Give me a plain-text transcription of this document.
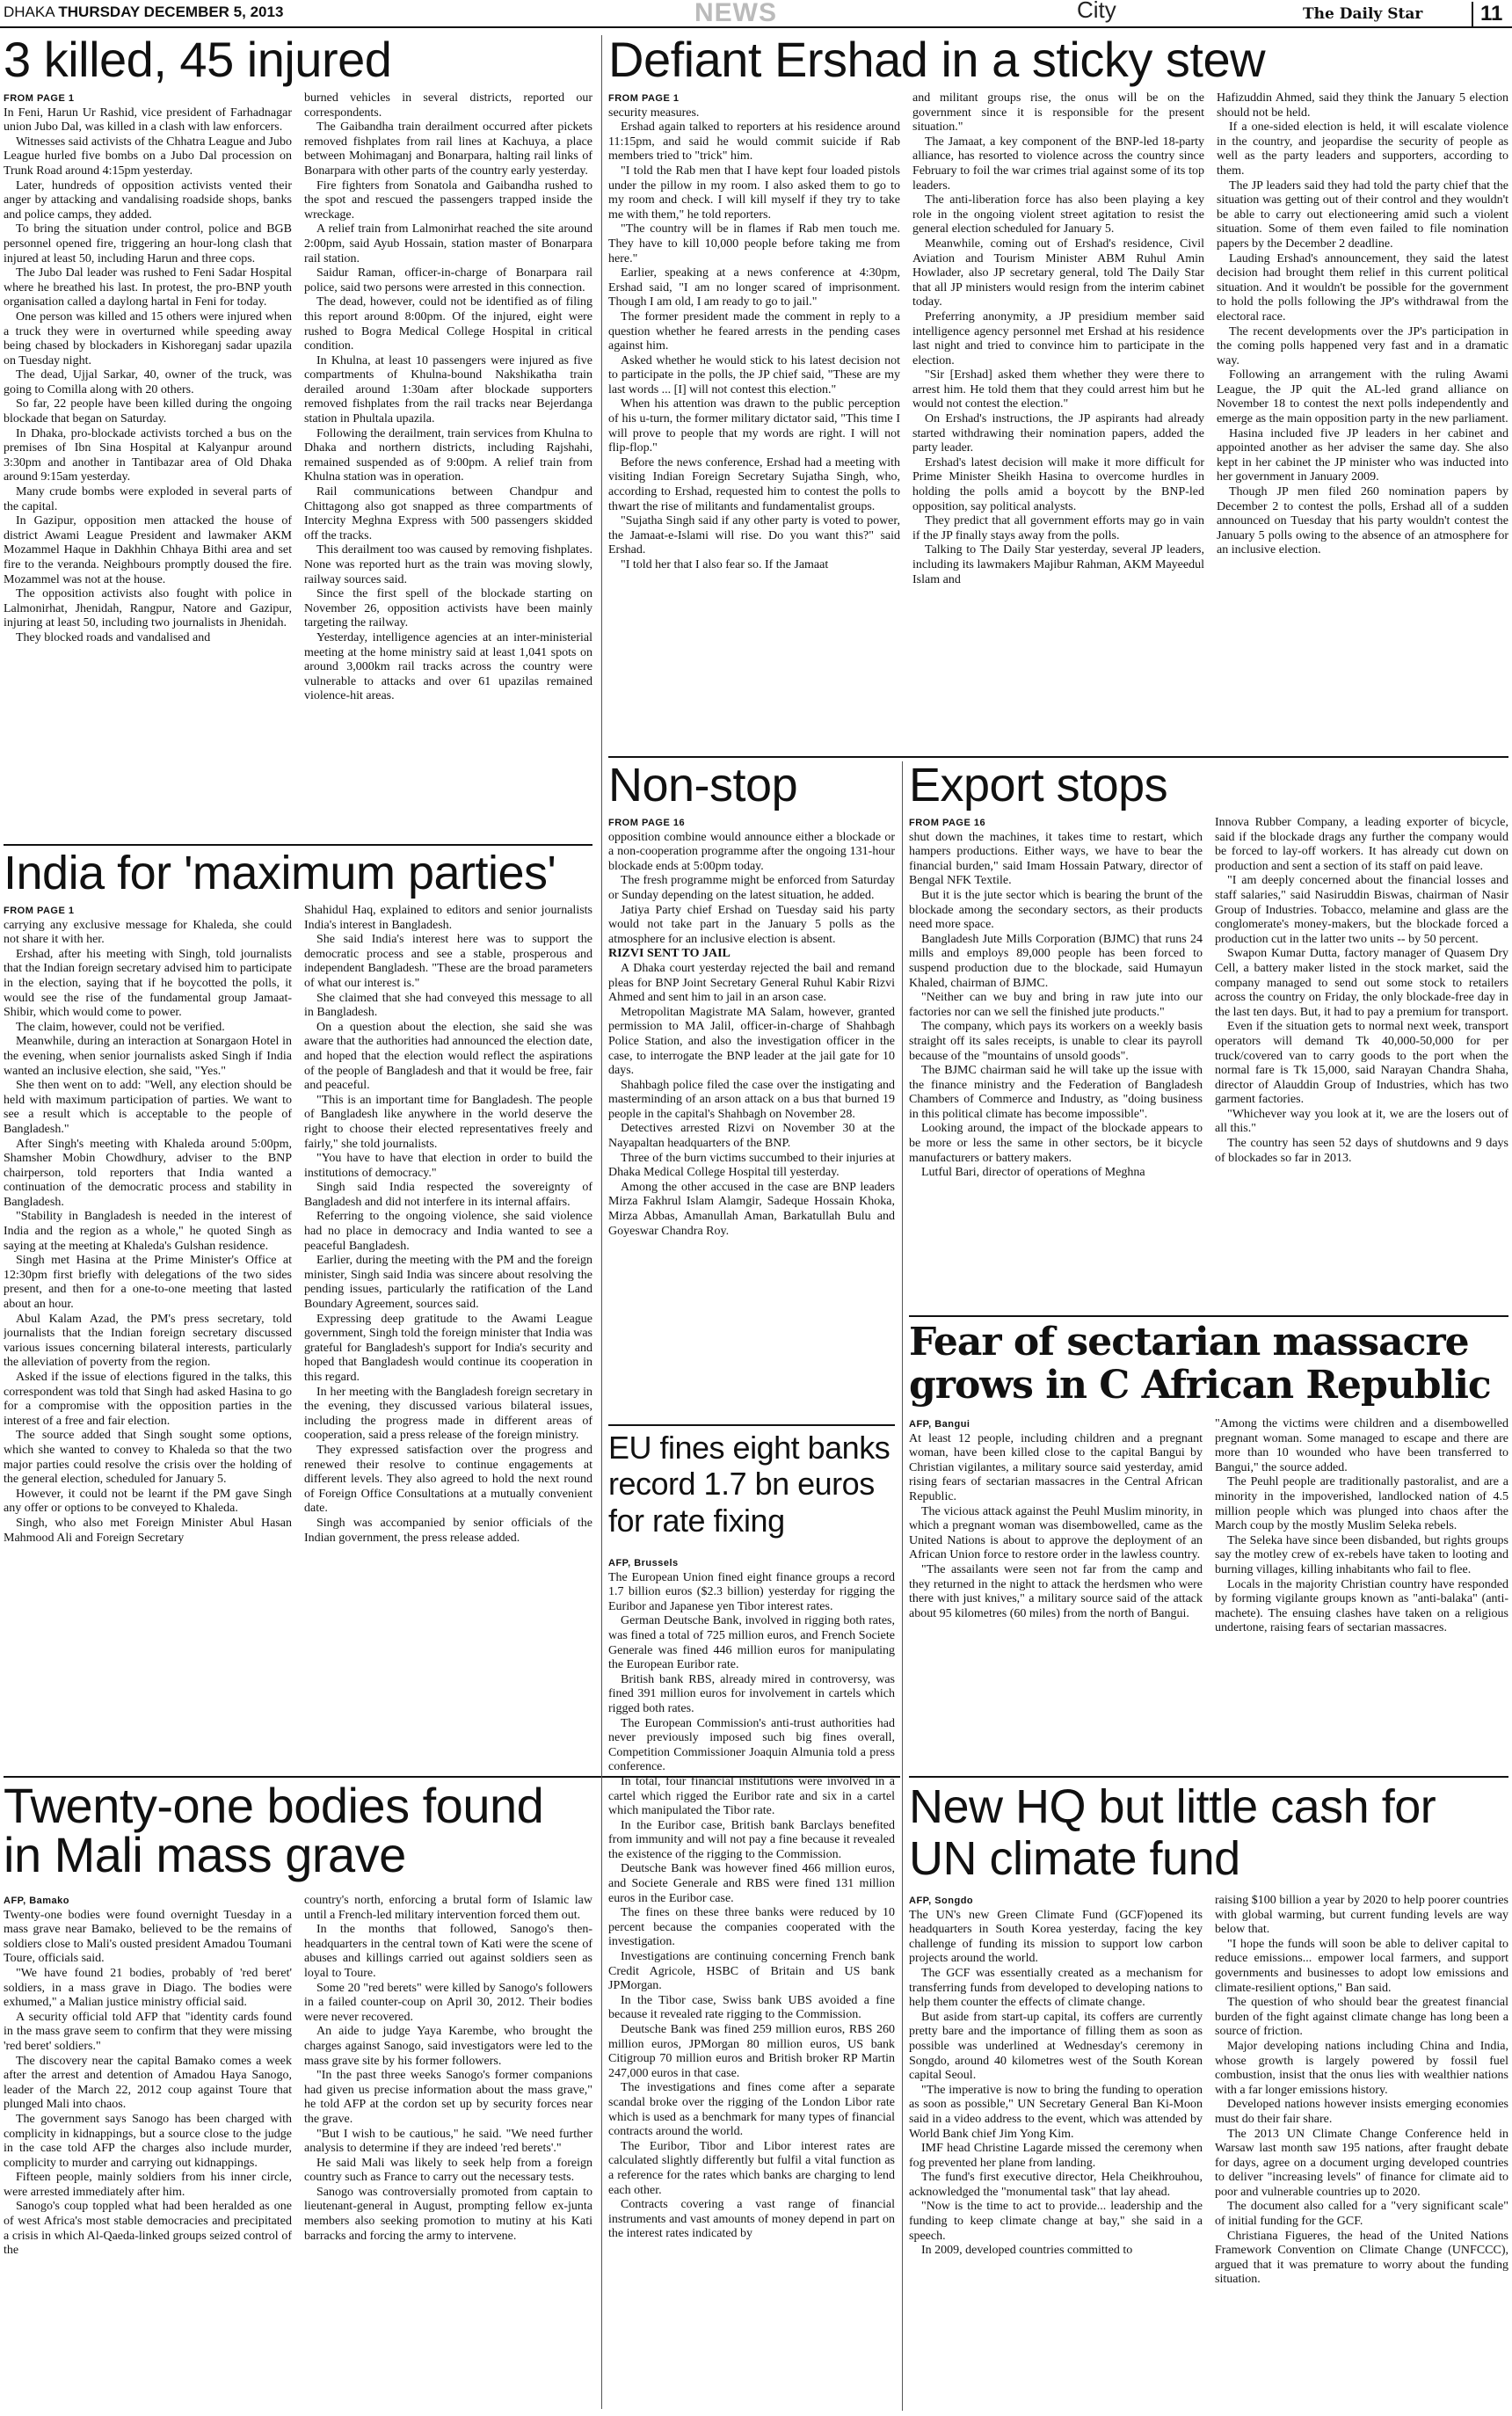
DHAKA THURSDAY DECEMBER 5, 2013	NEWS	City	The Daily Star	11
3 killed, 45 injured

FROM PAGE 1

In Feni, Harun Ur Rashid, vice president of Farhadnagar union Jubo Dal, was killed in a clash with law enforcers.

Witnesses said activists of the Chhatra League and Jubo League hurled five bombs on a Jubo Dal procession on Trunk Road around 4:15pm yesterday.

Later, hundreds of opposition activists vented their anger by attacking and vandalising roadside shops, banks and police camps, they added.

To bring the situation under control, police and BGB personnel opened fire, triggering an hour-long clash that injured at least 50, including Harun and three cops.

The Jubo Dal leader was rushed to Feni Sadar Hospital where he breathed his last. In protest, the pro-BNP youth organisation called a daylong hartal in Feni for today.

One person was killed and 15 others were injured when a truck they were in overturned while speeding away being chased by blockaders in Kishoreganj sadar upazila on Tuesday night.

The dead, Ujjal Sarkar, 40, owner of the truck, was going to Comilla along with 20 others.

So far, 22 people have been killed during the ongoing blockade that began on Saturday.

In Dhaka, pro-blockade activists torched a bus on the premises of Ibn Sina Hospital at Kalyanpur around 3:30pm and another in Tantibazar area of Old Dhaka around 9:15am yesterday.

Many crude bombs were exploded in several parts of the capital.

In Gazipur, opposition men attacked the house of district Awami League President and lawmaker AKM Mozammel Haque in Dakhhin Chhaya Bithi area and set fire to the veranda. Neighbours promptly doused the fire. Mozammel was not at the house.

The opposition activists also fought with police in Lalmonirhat, Jhenidah, Rangpur, Natore and Gazipur, injuring at least 50, including two journalists in Jhenidah.

They blocked roads and vandalised and

burned vehicles in several districts, reported our correspondents.

The Gaibandha train derailment occurred after pickets removed fishplates from rail lines at Kachuya, a place between Mohimaganj and Bonarpara, halting rail links of Bonarpara with other parts of the country early yesterday.

Fire fighters from Sonatola and Gaibandha rushed to the spot and rescued the passengers trapped inside the wreckage.

A relief train from Lalmonirhat reached the site around 2:00pm, said Ayub Hossain, station master of Bonarpara rail station.

Saidur Raman, officer-in-charge of Bonarpara rail police, said two persons were arrested in this connection.

The dead, however, could not be identified as of filing this report around 8:00pm. Of the injured, eight were rushed to Bogra Medical College Hospital in critical condition.

In Khulna, at least 10 passengers were injured as five compartments of Khulna-bound Nakshikatha train derailed around 1:30am after blockade supporters removed fishplates from the rail tracks near Bejerdanga station in Phultala upazila.

Following the derailment, train services from Khulna to Dhaka and northern districts, including Rajshahi, remained suspended as of 9:00pm. A relief train from Khulna station was in operation.

Rail communications between Chandpur and Chittagong also got snapped as three compartments of Intercity Meghna Express with 500 passengers skidded off the tracks.

This derailment too was caused by removing fishplates. None was reported hurt as the train was moving slowly, railway sources said.

Since the first spell of the blockade starting on November 26, opposition activists have been mainly targeting the railway.

Yesterday, intelligence agencies at an inter-ministerial meeting at the home ministry said at least 1,041 spots on around 3,000km rail tracks across the country were vulnerable to attacks and over 61 upazilas remained violence-hit areas.

India for 'maximum parties'

FROM PAGE 1

carrying any exclusive message for Khaleda, she could not share it with her.

Ershad, after his meeting with Singh, told journalists that the Indian foreign secretary advised him to participate in the election, saying that if he boycotted the polls, it would see the rise of the fundamental group Jamaat-Shibir, which would come to power.

The claim, however, could not be verified.

Meanwhile, during an interaction at Sonargaon Hotel in the evening, when senior journalists asked Singh if India wanted an inclusive election, she said, "Yes."

She then went on to add: "Well, any election should be held with maximum participation of parties. We want to see a result which is acceptable to the people of Bangladesh."

After Singh's meeting with Khaleda around 5:00pm, Shamsher Mobin Chowdhury, adviser to the BNP chairperson, told reporters that India wanted a continuation of the democratic process and stability in Bangladesh.

"Stability in Bangladesh is needed in the interest of India and the region as a whole," he quoted Singh as saying at the meeting at Khaleda's Gulshan residence.

Singh met Hasina at the Prime Minister's Office at 12:30pm first briefly with delegations of the two sides present, and then for a one-to-one meeting that lasted about an hour.

Abul Kalam Azad, the PM's press secretary, told journalists that the Indian foreign secretary discussed various issues concerning bilateral interests, particularly the alleviation of poverty from the region.

Asked if the issue of elections figured in the talks, this correspondent was told that Singh had asked Hasina to go for a compromise with the opposition parties in the interest of a free and fair election.

The source added that Singh sought some options, which she wanted to convey to Khaleda so that the two major parties could resolve the crisis over the holding of the general election, scheduled for January 5.

However, it could not be learnt if the PM gave Singh any offer or options to be conveyed to Khaleda.

Singh, who also met Foreign Minister Abul Hasan Mahmood Ali and Foreign Secretary

Shahidul Haq, explained to editors and senior journalists India's interest in Bangladesh.

She said India's interest here was to support the democratic process and see a stable, prosperous and independent Bangladesh. "These are the broad parameters of what our interest is."

She claimed that she had conveyed this message to all in Bangladesh.

On a question about the election, she said she was aware that the authorities had announced the election date, and hoped that the election would reflect the aspirations of the people of Bangladesh and that it would be free, fair and peaceful.

"This is an important time for Bangladesh. The people of Bangladesh like anywhere in the world deserve the right to choose their elected representatives freely and fairly," she told journalists.

"You have to have that election in order to build the institutions of democracy."

Singh said India respected the sovereignty of Bangladesh and did not interfere in its internal affairs.

Referring to the ongoing violence, she said violence had no place in democracy and India wanted to see a peaceful Bangladesh.

Earlier, during the meeting with the PM and the foreign minister, Singh said India was sincere about resolving the pending issues, particularly the ratification of the Land Boundary Agreement, sources said.

Expressing deep gratitude to the Awami League government, Singh told the foreign minister that India was grateful for Bangladesh's support for India's security and hoped that Bangladesh would continue its cooperation in this regard.

In her meeting with the Bangladesh foreign secretary in the evening, they discussed various bilateral issues, including the progress made in different areas of cooperation, said a press release of the foreign ministry.

They expressed satisfaction over the progress and renewed their resolve to continue engagements at different levels. They also agreed to hold the next round of Foreign Office Consultations at a mutually convenient date.

Singh was accompanied by senior officials of the Indian government, the press release added.

Twenty-one bodies found in Mali mass grave

AFP, Bamako

Twenty-one bodies were found overnight Tuesday in a mass grave near Bamako, believed to be the remains of soldiers close to Mali's ousted president Amadou Toumani Toure, officials said.

"We have found 21 bodies, probably of 'red beret' soldiers, in a mass grave in Diago. The bodies were exhumed," a Malian justice ministry official said.

A security official told AFP that "identity cards found in the mass grave seem to confirm that they were missing 'red beret' soldiers."

The discovery near the capital Bamako comes a week after the arrest and detention of Amadou Haya Sanogo, leader of the March 22, 2012 coup against Toure that plunged Mali into chaos.

The government says Sanogo has been charged with complicity in kidnappings, but a source close to the judge in the case told AFP the charges also include murder, complicity to murder and carrying out kidnappings.

Fifteen people, mainly soldiers from his inner circle, were arrested immediately after him.

Sanogo's coup toppled what had been heralded as one of west Africa's most stable democracies and precipitated a crisis in which Al-Qaeda-linked groups seized control of the

country's north, enforcing a brutal form of Islamic law until a French-led military intervention forced them out.

In the months that followed, Sanogo's then-headquarters in the central town of Kati were the scene of abuses and killings carried out against soldiers seen as loyal to Toure.

Some 20 "red berets" were killed by Sanogo's followers in a failed counter-coup on April 30, 2012. Their bodies were never recovered.

An aide to judge Yaya Karembe, who brought the charges against Sanogo, said investigators were led to the mass grave site by his former followers.

"In the past three weeks Sanogo's former companions had given us precise information about the mass grave," he told AFP at the cordon set up by security forces near the grave.

"But I wish to be cautious," he said. "We need further analysis to determine if they are indeed 'red berets'."

He said Mali was likely to seek help from a foreign country such as France to carry out the necessary tests.

Sanogo was controversially promoted from captain to lieutenant-general in August, prompting fellow ex-junta members also seeking promotion to mutiny at his Kati barracks and forcing the army to intervene.

Defiant Ershad in a sticky stew

FROM PAGE 1

security measures.

Ershad again talked to reporters at his residence around 11:15pm, and said he would commit suicide if Rab members tried to "trick" him.

"I told the Rab men that I have kept four loaded pistols under the pillow in my room. I also asked them to go to my room and check. I will kill myself if they try to take me with them," he told reporters.

"The country will be in flames if Rab men touch me. They have to kill 10,000 people before taking me from here."

Earlier, speaking at a news conference at 4:30pm, Ershad said, "I am no longer scared of imprisonment. Though I am old, I am ready to go to jail."

The former president made the comment in reply to a question whether he feared arrests in the pending cases against him.

Asked whether he would stick to his latest decision not to participate in the polls, the JP chief said, "These are my last words ... [I] will not contest this election."

When his attention was drawn to the public perception of his u-turn, the former military dictator said, "This time I will prove to people that my words are right. I will not flip-flop."

Before the news conference, Ershad had a meeting with visiting Indian Foreign Secretary Sujatha Singh, who, according to Ershad, requested him to contest the polls to thwart the rise of militants and fundamentalist groups.

"Sujatha Singh said if any other party is voted to power, the Jamaat-e-Islami will rise. Do you want this?" said Ershad.

"I told her that I also fear so. If the Jamaat

and militant groups rise, the onus will be on the government since it is responsible for the present situation."

The Jamaat, a key component of the BNP-led 18-party alliance, has resorted to violence across the country since February to foil the war crimes trial against some of its top leaders.

The anti-liberation force has also been playing a key role in the ongoing violent street agitation to resist the general election scheduled for January 5.

Meanwhile, coming out of Ershad's residence, Civil Aviation and Tourism Minister ABM Ruhul Amin Howlader, also JP secretary general, told The Daily Star that all JP ministers would resign from the interim cabinet today.

Preferring anonymity, a JP presidium member said intelligence agency personnel met Ershad at his residence last night and tried to convince him to participate in the election.

"Sir [Ershad] asked them whether they were there to arrest him. He told them that they could arrest him but he would not contest the election."

On Ershad's instructions, the JP aspirants had already started withdrawing their nomination papers, added the party leader.

Ershad's latest decision will make it more difficult for Prime Minister Sheikh Hasina to overcome hurdles in holding the polls amid a boycott by the BNP-led opposition, say political analysts.

They predict that all government efforts may go in vain if the JP finally stays away from the polls.

Talking to The Daily Star yesterday, several JP leaders, including its lawmakers Majibur Rahman, AKM Mayeedul Islam and

Hafizuddin Ahmed, said they think the January 5 election should not be held.

If a one-sided election is held, it will escalate violence in the country, and jeopardise the security of people as well as the party leaders and supporters, according to them.

The JP leaders said they had told the party chief that the situation was getting out of their control and they wouldn't be able to carry out electioneering amid such a violent situation. Some of them even failed to file nomination papers by the December 2 deadline.

Lauding Ershad's announcement, they said the latest decision had brought them relief in this current political situation. And it wouldn't be possible for the government to hold the polls following the JP's withdrawal from the electoral race.

The recent developments over the JP's participation in the coming polls happened very fast and in a dramatic way.

Following an arrangement with the ruling Awami League, the JP quit the AL-led grand alliance on November 18 to contest the next polls independently and emerge as the main opposition party in the new parliament.

Hasina included five JP leaders in her cabinet and appointed another as her adviser the same day. She also kept in her cabinet the JP minister who was inducted into her government in January 2009.

Though JP men filed 260 nomination papers by December 2 to contest the polls, Ershad all of a sudden announced on Tuesday that his party wouldn't contest the January 5 polls owing to the absence of an atmosphere for an inclusive election.

Non-stop

FROM PAGE 16

opposition combine would announce either a blockade or a non-cooperation programme after the ongoing 131-hour blockade ends at 5:00pm today.

The fresh programme might be enforced from Saturday or Sunday depending on the latest situation, he added.

Jatiya Party chief Ershad on Tuesday said his party would not take part in the January 5 polls as the atmosphere for an inclusive election is absent.

RIZVI SENT TO JAIL

A Dhaka court yesterday rejected the bail and remand pleas for BNP Joint Secretary General Ruhul Kabir Rizvi Ahmed and sent him to jail in an arson case.

Metropolitan Magistrate MA Salam, however, granted permission to MA Jalil, officer-in-charge of Shahbagh Police Station, and also the investigation officer in the case, to interrogate the BNP leader at the jail gate for 10 days.

Shahbagh police filed the case over the instigating and masterminding of an arson attack on a bus that burned 19 people in the capital's Shahbagh on November 28.

Detectives arrested Rizvi on November 30 at the Nayapaltan headquarters of the BNP.

Three of the burn victims succumbed to their injuries at Dhaka Medical College Hospital till yesterday.

Among the other accused in the case are BNP leaders Mirza Fakhrul Islam Alamgir, Sadeque Hossain Khoka, Mirza Abbas, Amanullah Aman, Barkatullah Bulu and Goyeswar Chandra Roy.

EU fines eight banks record 1.7 bn euros for rate fixing

AFP, Brussels

The European Union fined eight finance groups a record 1.7 billion euros ($2.3 billion) yesterday for rigging the Euribor and Japanese yen Tibor interest rates.

German Deutsche Bank, involved in rigging both rates, was fined a total of 725 million euros, and French Societe Generale was fined 446 million euros for manipulating the European Euribor rate.

British bank RBS, already mired in controversy, was fined 391 million euros for involvement in cartels which rigged both rates.

The European Commission's anti-trust authorities had never previously imposed such big fines overall, Competition Commissioner Joaquin Almunia told a press conference.

In total, four financial institutions were involved in a cartel which rigged the Euribor rate and six in a cartel which manipulated the Tibor rate.

In the Euribor case, British bank Barclays benefited from immunity and will not pay a fine because it revealed the existence of the rigging to the Commission.

Deutsche Bank was however fined 466 million euros, and Societe Generale and RBS were fined 131 million euros in the Euribor case.

The fines on these three banks were reduced by 10 percent because the companies cooperated with the investigation.

Investigations are continuing concerning French bank Credit Agricole, HSBC of Britain and US bank JPMorgan.

In the Tibor case, Swiss bank UBS avoided a fine because it revealed rate rigging to the Commission.

Deutsche Bank was fined 259 million euros, RBS 260 million euros, JPMorgan 80 million euros, US bank Citigroup 70 million euros and British broker RP Martin 247,000 euros in that case.

The investigations and fines come after a separate scandal broke over the rigging of the London Libor rate which is used as a benchmark for many types of financial contracts around the world.

The Euribor, Tibor and Libor interest rates are calculated slightly differently but fulfil a vital function as a reference for the rates which banks are charging to lend each other.

Contracts covering a vast range of financial instruments and vast amounts of money depend in part on the interest rates indicated by

Export stops

FROM PAGE 16

shut down the machines, it takes time to restart, which hampers productions. Either ways, we have to bear the financial burden," said Imam Hossain Patwary, director of Bengal NFK Textile.

But it is the jute sector which is bearing the brunt of the blockade among the secondary sectors, as their products need more space.

Bangladesh Jute Mills Corporation (BJMC) that runs 24 mills and employs 89,000 people has been forced to suspend production due to the blockade, said Humayun Khaled, chairman of BJMC.

"Neither can we buy and bring in raw jute into our factories nor can we sell the finished jute products."

The company, which pays its workers on a weekly basis straight off its sales receipts, is unable to clear its payroll because of the "mountains of unsold goods".

The BJMC chairman said he will take up the issue with the finance ministry and the Federation of Bangladesh Chambers of Commerce and Industry, as "doing business in this political climate has become impossible".

Looking around, the impact of the blockade appears to be more or less the same in other sectors, be it bicycle manufacturers or battery makers.

Lutful Bari, director of operations of Meghna

Innova Rubber Company, a leading exporter of bicycle, said if the blockade drags any further the company would be forced to lay-off workers. It has already cut down on production and sent a section of its staff on paid leave.

"I am deeply concerned about the financial losses and staff salaries," said Nasiruddin Biswas, chairman of Nasir Group of Industries. Tobacco, melamine and glass are the conglomerate's money-makers, but the blockade forced a production cut in the latter two units -- by 50 percent.

Swapon Kumar Dutta, factory manager of Quasem Dry Cell, a battery maker listed in the stock market, said the company managed to send out some stock to retailers across the country on Friday, the only blockade-free day in the last ten days. But, it had to pay a premium for transport.

Even if the situation gets to normal next week, transport operators will demand Tk 40,000-50,000 for per truck/covered van to carry goods to the port when the normal fare is Tk 15,000, said Narayan Chandra Shaha, director of Alauddin Group of Industries, which has two garment factories.

"Whichever way you look at it, we are the losers out of all this."

The country has seen 52 days of shutdowns and 9 days of blockades so far in 2013.

Fear of sectarian massacre grows in C African Republic

AFP, Bangui

At least 12 people, including children and a pregnant woman, have been killed close to the capital Bangui by Christian vigilantes, a military source said yesterday, amid rising fears of sectarian massacres in the Central African Republic.

The vicious attack against the Peuhl Muslim minority, in which a pregnant woman was disembowelled, came as the United Nations is about to approve the deployment of an African Union force to restore order in the lawless country.

"The assailants were seen not far from the camp and they returned in the night to attack the herdsmen who were there with just knives," a military source said of the attack about 95 kilometres (60 miles) from the north of Bangui.

"Among the victims were children and a disembowelled pregnant woman. Some managed to escape and there are more than 10 wounded who have been transferred to Bangui," the source added.

The Peuhl people are traditionally pastoralist, and are a minority in the impoverished, landlocked nation of 4.5 million people which was plunged into chaos after the March coup by the mostly Muslim Seleka rebels.

The Seleka have since been disbanded, but rights groups say the motley crew of ex-rebels have taken to looting and burning villages, killing inhabitants who fail to flee.

Locals in the majority Christian country have responded by forming vigilante groups known as "anti-balaka" (anti-machete). The ensuing clashes have taken on a religious undertone, raising fears of sectarian massacres.

New HQ but little cash for UN climate fund

AFP, Songdo

The UN's new Green Climate Fund (GCF)opened its headquarters in South Korea yesterday, facing the key challenge of funding its mission to support low carbon projects around the world.

The GCF was essentially created as a mechanism for transferring funds from developed to developing nations to help them counter the effects of climate change.

But aside from start-up capital, its coffers are currently pretty bare and the importance of filling them as soon as possible was underlined at Wednesday's ceremony in Songdo, around 40 kilometres west of the South Korean capital Seoul.

"The imperative is now to bring the funding to operation as soon as possible," UN Secretary General Ban Ki-Moon said in a video address to the event, which was attended by World Bank chief Jim Yong Kim.

IMF head Christine Lagarde missed the ceremony when fog prevented her plane from landing.

The fund's first executive director, Hela Cheikhrouhou, acknowledged the "monumental task" that lay ahead.

"Now is the time to act to provide... leadership and the funding to keep climate change at bay," she said in a speech.

In 2009, developed countries committed to

raising $100 billion a year by 2020 to help poorer countries with global warming, but current funding levels are way below that.

"I hope the funds will soon be able to deliver capital to reduce emissions... empower local farmers, and support governments and businesses to adopt low emissions and climate-resilient options," Ban said.

The question of who should bear the greatest financial burden of the fight against climate change has long been a source of friction.

Major developing nations including China and India, whose growth is largely powered by fossil fuel combustion, insist that the onus lies with wealthier nations with a far longer emissions history.

Developed nations however insists emerging economies must do their fair share.

The 2013 UN Climate Change Conference held in Warsaw last month saw 195 nations, after fraught debate for days, agree on a document urging developed countries to deliver "increasing levels" of finance for climate aid to poor and vulnerable countries up to 2020.

The document also called for a "very significant scale" of initial funding for the GCF.

Christiana Figueres, the head of the United Nations Framework Convention on Climate Change (UNFCCC), argued that it was premature to worry about the funding situation.
